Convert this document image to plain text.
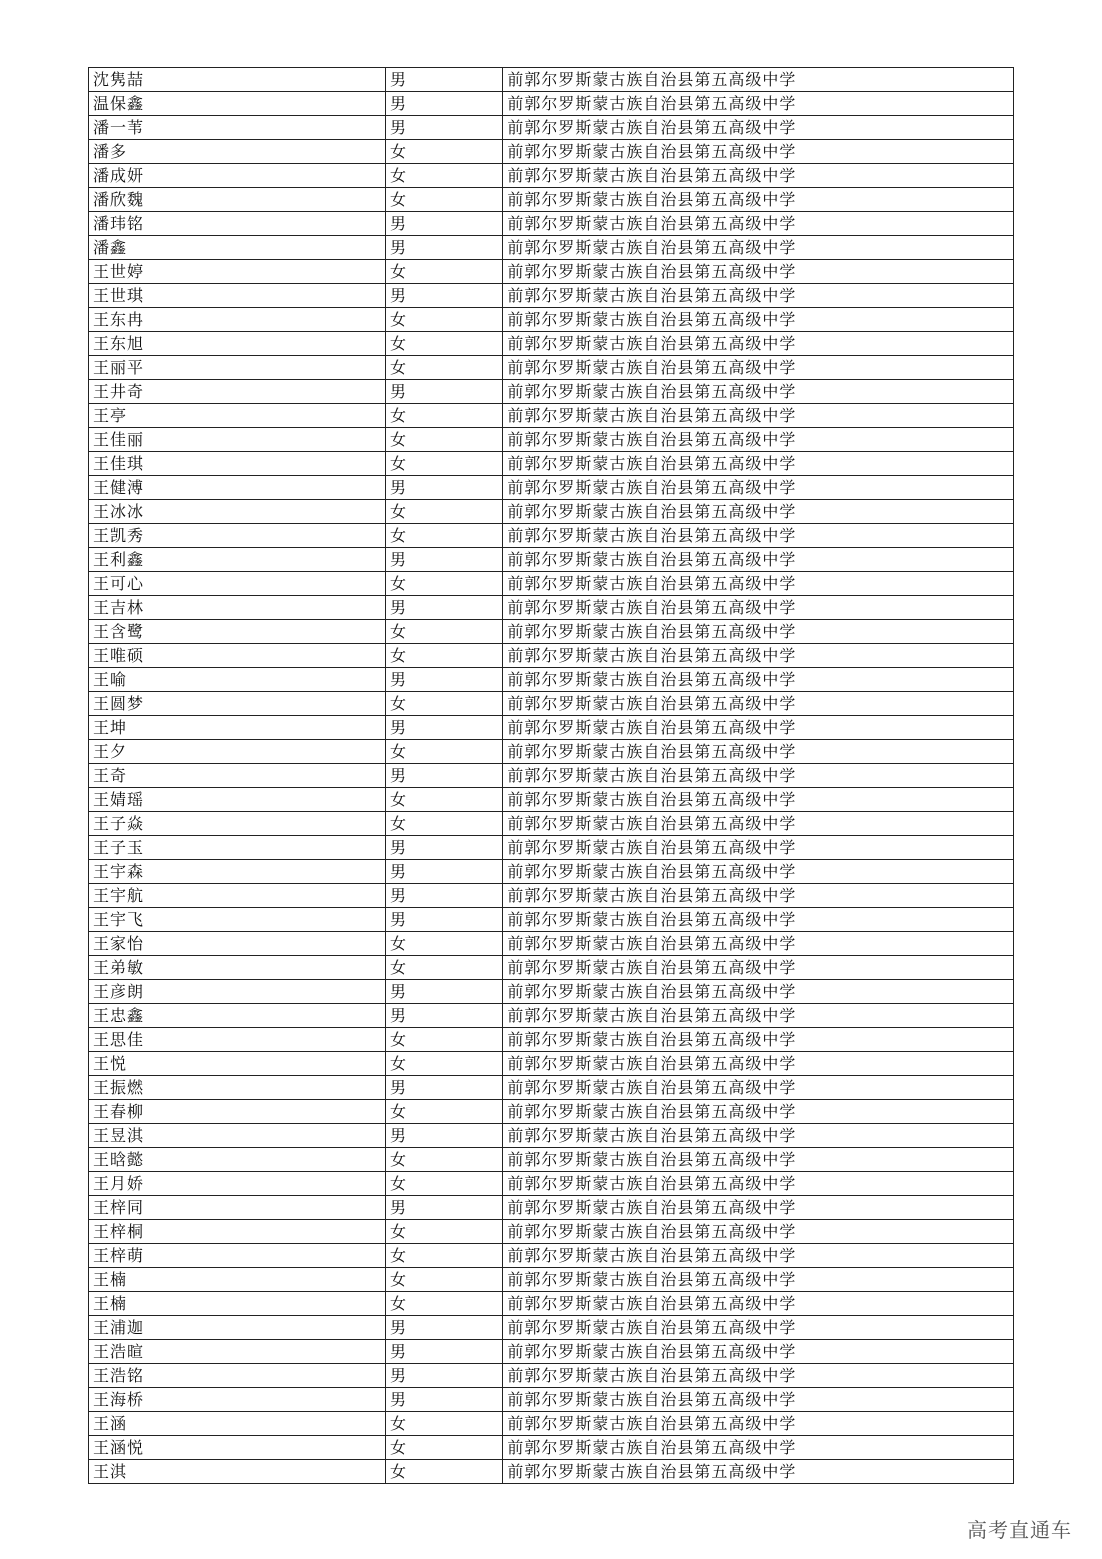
沈隽喆	男	前郭尔罗斯蒙古族自治县第五高级中学
温保鑫	男	前郭尔罗斯蒙古族自治县第五高级中学
潘一苇	男	前郭尔罗斯蒙古族自治县第五高级中学
潘多	女	前郭尔罗斯蒙古族自治县第五高级中学
潘成妍	女	前郭尔罗斯蒙古族自治县第五高级中学
潘欣魏	女	前郭尔罗斯蒙古族自治县第五高级中学
潘玮铭	男	前郭尔罗斯蒙古族自治县第五高级中学
潘鑫	男	前郭尔罗斯蒙古族自治县第五高级中学
王世婷	女	前郭尔罗斯蒙古族自治县第五高级中学
王世琪	男	前郭尔罗斯蒙古族自治县第五高级中学
王东冉	女	前郭尔罗斯蒙古族自治县第五高级中学
王东旭	女	前郭尔罗斯蒙古族自治县第五高级中学
王丽平	女	前郭尔罗斯蒙古族自治县第五高级中学
王井奇	男	前郭尔罗斯蒙古族自治县第五高级中学
王亭	女	前郭尔罗斯蒙古族自治县第五高级中学
王佳丽	女	前郭尔罗斯蒙古族自治县第五高级中学
王佳琪	女	前郭尔罗斯蒙古族自治县第五高级中学
王健溥	男	前郭尔罗斯蒙古族自治县第五高级中学
王冰冰	女	前郭尔罗斯蒙古族自治县第五高级中学
王凯秀	女	前郭尔罗斯蒙古族自治县第五高级中学
王利鑫	男	前郭尔罗斯蒙古族自治县第五高级中学
王可心	女	前郭尔罗斯蒙古族自治县第五高级中学
王吉林	男	前郭尔罗斯蒙古族自治县第五高级中学
王含鹭	女	前郭尔罗斯蒙古族自治县第五高级中学
王唯硕	女	前郭尔罗斯蒙古族自治县第五高级中学
王喻	男	前郭尔罗斯蒙古族自治县第五高级中学
王圆梦	女	前郭尔罗斯蒙古族自治县第五高级中学
王坤	男	前郭尔罗斯蒙古族自治县第五高级中学
王夕	女	前郭尔罗斯蒙古族自治县第五高级中学
王奇	男	前郭尔罗斯蒙古族自治县第五高级中学
王婧瑶	女	前郭尔罗斯蒙古族自治县第五高级中学
王子焱	女	前郭尔罗斯蒙古族自治县第五高级中学
王子玉	男	前郭尔罗斯蒙古族自治县第五高级中学
王宇森	男	前郭尔罗斯蒙古族自治县第五高级中学
王宇航	男	前郭尔罗斯蒙古族自治县第五高级中学
王宇飞	男	前郭尔罗斯蒙古族自治县第五高级中学
王家怡	女	前郭尔罗斯蒙古族自治县第五高级中学
王弟敏	女	前郭尔罗斯蒙古族自治县第五高级中学
王彦朗	男	前郭尔罗斯蒙古族自治县第五高级中学
王忠鑫	男	前郭尔罗斯蒙古族自治县第五高级中学
王思佳	女	前郭尔罗斯蒙古族自治县第五高级中学
王悦	女	前郭尔罗斯蒙古族自治县第五高级中学
王振燃	男	前郭尔罗斯蒙古族自治县第五高级中学
王春柳	女	前郭尔罗斯蒙古族自治县第五高级中学
王昱淇	男	前郭尔罗斯蒙古族自治县第五高级中学
王晗懿	女	前郭尔罗斯蒙古族自治县第五高级中学
王月娇	女	前郭尔罗斯蒙古族自治县第五高级中学
王梓同	男	前郭尔罗斯蒙古族自治县第五高级中学
王梓桐	女	前郭尔罗斯蒙古族自治县第五高级中学
王梓萌	女	前郭尔罗斯蒙古族自治县第五高级中学
王楠	女	前郭尔罗斯蒙古族自治县第五高级中学
王楠	女	前郭尔罗斯蒙古族自治县第五高级中学
王浦迦	男	前郭尔罗斯蒙古族自治县第五高级中学
王浩暄	男	前郭尔罗斯蒙古族自治县第五高级中学
王浩铭	男	前郭尔罗斯蒙古族自治县第五高级中学
王海桥	男	前郭尔罗斯蒙古族自治县第五高级中学
王涵	女	前郭尔罗斯蒙古族自治县第五高级中学
王涵悦	女	前郭尔罗斯蒙古族自治县第五高级中学
王淇	女	前郭尔罗斯蒙古族自治县第五高级中学
高考直通车
